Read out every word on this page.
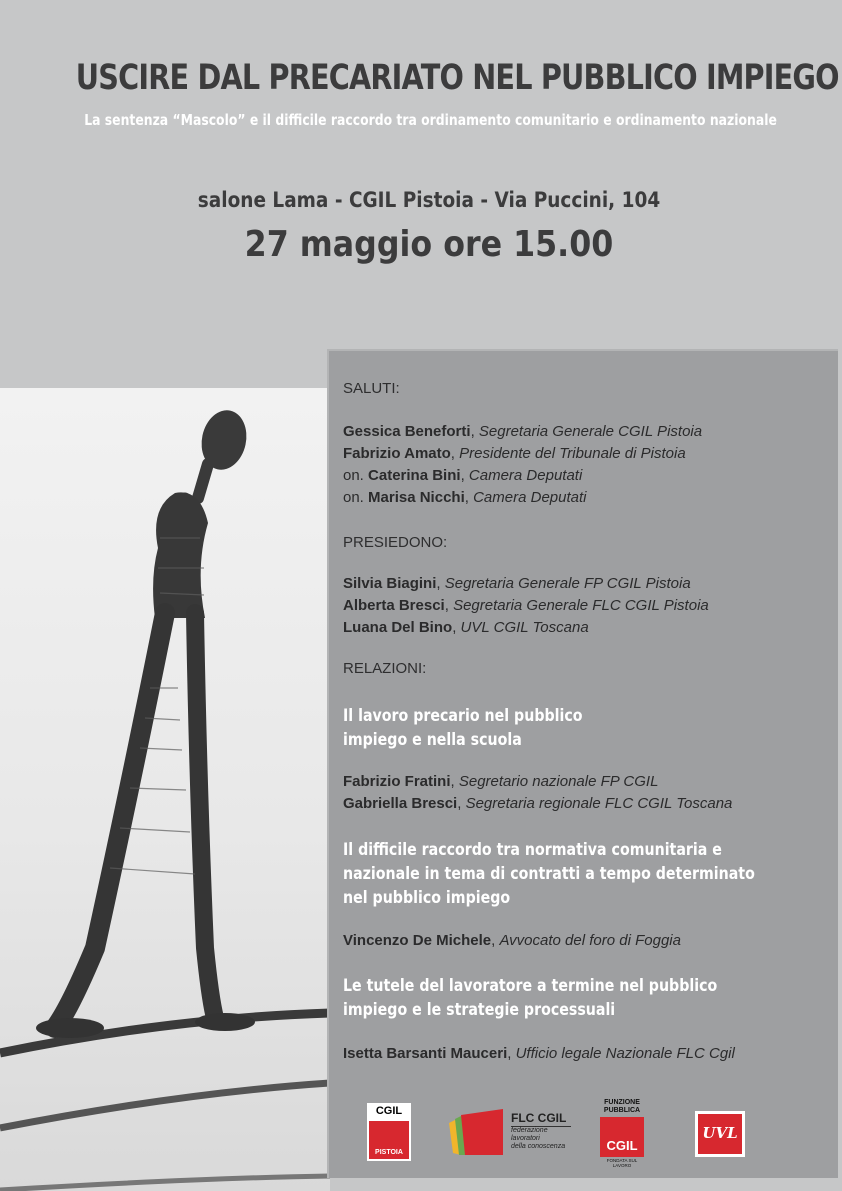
USCIRE DAL PRECARIATO NEL PUBBLICO IMPIEGO
La sentenza “Mascolo” e il difficile raccordo tra ordinamento comunitario e ordinamento nazionale
salone Lama - CGIL Pistoia - Via Puccini, 104
27 maggio ore 15.00
SALUTI:
Gessica Beneforti, Segretaria Generale CGIL Pistoia
Fabrizio Amato, Presidente del Tribunale di Pistoia
on. Caterina Bini, Camera Deputati
on. Marisa Nicchi, Camera Deputati
PRESIEDONO:
Silvia Biagini, Segretaria Generale FP CGIL Pistoia
Alberta Bresci, Segretaria Generale FLC CGIL Pistoia
Luana Del Bino, UVL CGIL Toscana
RELAZIONI:
Il lavoro precario nel pubblico
impiego e nella scuola
Fabrizio Fratini, Segretario nazionale FP CGIL
Gabriella Bresci, Segretaria regionale FLC CGIL Toscana
Il difficile raccordo tra normativa comunitaria e
nazionale in tema di contratti a tempo determinato
nel pubblico impiego
Vincenzo De Michele, Avvocato del foro di Foggia
Le tutele del lavoratore a termine nel pubblico
impiego e le strategie processuali
Isetta Barsanti Mauceri, Ufficio legale Nazionale FLC Cgil
CGIL
PISTOIA
FLC CGIL
federazione
lavoratori
della conoscenza
FUNZIONE
PUBBLICA
CGIL
FONDATA SUL LAVORO
UVL
